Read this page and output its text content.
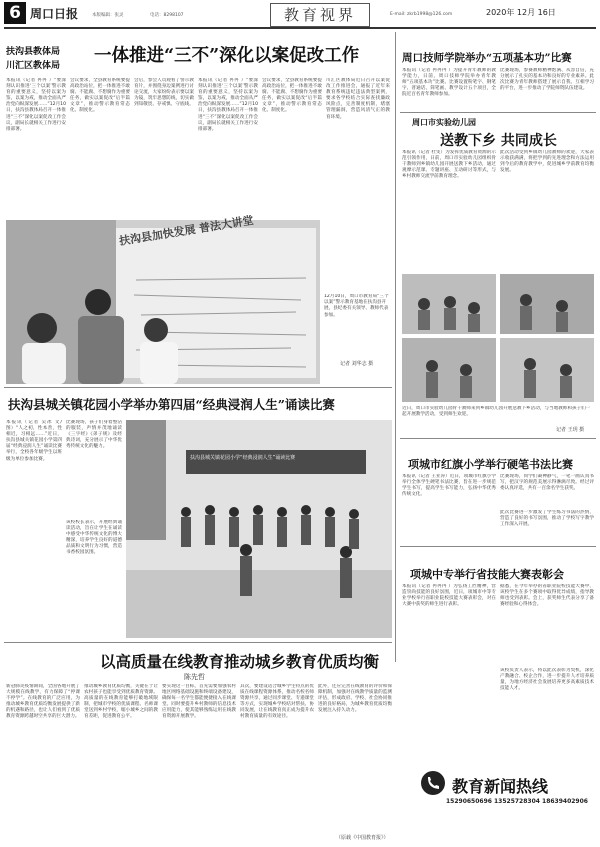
6 周口日报	本版编辑：张灵	电话：8298107	教育视界	E-mail: zkrb1998@126.com	2020年 12月 16日
扶沟县教体局
川汇区教体局 一体推进“三不”深化以案促改工作
本报讯（记者 冉冉 ）“要深刻认识推进‘三个以案’警示教育的重要意义，坚持以案为鉴、以案为戒，推动全面从严治党向纵深发展……”12月10日，扶沟县教体局召开一体推进“三不”深化以案促改工作会议，副局长就相关工作进行安排部署。
会议要求，全县教育系统要提高政治站位，把一体推进不敢腐、不能腐、不想腐作为重要任务，做实以案促改“后半篇文章”，推动警示教育常态化、制度化。
会后，参会人员观看了警示教育片，并围绕身边案例进行讨论交流，大家纷纷表示要以案为镜，筑牢思想防线，切实做到知敬畏、存戒惧、守底线。
本报讯（记者 冉冉 ）“要深刻认识推进‘三个以案’警示教育的重要意义，坚持以案为鉴、以案为戒，推动全面从严治党向纵深发展……”12月10日，扶沟县教体局召开一体推进“三不”深化以案促改工作会议，副局长就相关工作进行安排部署。
会议要求，全县教育系统要提高政治站位，把一体推进不敢腐、不能腐、不想腐作为重要任务，做实以案促改“后半篇文章”，推动警示教育常态化、制度化。
川汇区教体局近日召开以案促改工作推进会，通报了近年来教育系统违纪违法典型案例，要求各学校结合实际查找廉政风险点，完善制度机制，堵塞管理漏洞，营造风清气正的教育环境。
扶沟县加快发展 普法大讲堂
12月10日，周口市教育局“三个以案”警示教育基地在扶沟县开展，县纪委有关领导、教师代表参加。
记者 刘华志 摄
扶沟县城关镇花园小学举办第四届“经典浸润人生”诵读比赛
本报讯（记者 吴冰 文/图）“人之初，性本善，性相近，习相远……”近日，扶沟县城关镇花园小学第四届“经典浸润人生”诵读比赛举行，全校各年级学生以班级为单位参加比赛。
比赛现场，孩子们身着整洁的服装，声情并茂地诵读《三字经》《弟子规》及经典诗词，充分展示了中华优秀传统文化的魅力。
该校校长表示，开展经典诵读活动，旨在让学生在诵读中感受中华传统文化的博大精深，培养学生良好的道德品质和文明行为习惯，营造书香校园氛围。
扶沟县城关镇花园小学“经典浸润人生”诵读比赛
以高质量在线教育推动城乡教育优质均衡
陈先哲
新冠肺炎疫情期间，全国各地开展了大规模在线教学，有力保障了“停课不停学”。在线教育的广泛应用，为推动城乡教育优质均衡发展提供了新的机遇和路径，也让人们看到了优质教育资源跨越时空共享的巨大潜力。
推动城乡教育优质均衡，关键在于让农村孩子也能享受到优质教育资源。高质量的在线教育能够打破地域限制，把城市学校的优质课程、名师课堂送到乡村学校，缩小城乡之间的教育差距，促进教育公平。
要实现这一目标，首先需要加强农村地区网络基础设施和终端设备建设，确保每一名学生都能便捷接入在线课堂。同时要提升乡村教师的信息技术应用能力，使其能够熟练运用在线教育资源开展教学。
其次，要建设适合城乡学生特点的优质在线课程资源体系，推动名校名师资源共享，通过同步课堂、专递课堂等方式，实现城乡学校结对帮扶、协同发展，让在线教育真正成为提升农村教育质量的有效途径。
此外，还应完善在线教育的评价和保障机制，加强对在线教学质量的监测评估，形成政府、学校、社会协同推进的良好格局，为城乡教育优质均衡发展注入持久动力。
（原载《中国教育报》）
周口技师学院举办“五项基本功”比赛
本报讯（记者 冉冉冉 ）为提升青年教师的教学能力，日前，周口技师学院举办青年教师“五项基本功”比赛。比赛设置粉笔字、钢笔字、普通话、简笔画、教学设计五个项目，全院近百名青年教师参加。
比赛现场，参赛教师精神饱满、从容自信，充分展示了扎实的基本功和良好的专业素养。此次比赛为青年教师搭建了展示自我、互相学习的平台，进一步推动了学院师资队伍建设。
周口市实验幼儿园
送教下乡 共同成长
本报讯（记者 杜雯）为发挥优质教育资源的示范引领作用，日前，周口市实验幼儿园组织骨干教师到乡镇幼儿园开展送教下乡活动，通过观摩示范课、专题讲座、互动研讨等形式，与乡村教师交流学前教育理念。
此次活动受到乡镇幼儿园教师的欢迎，大家表示收获满满，将把学到的先进理念和方法运用到今后的教育教学中，促进城乡学前教育均衡发展。
近日，周口市实验幼儿园骨干教师来到乡镇幼儿园开展送教下乡活动，与当地教师和孩子们一起开展教学活动，受到师生欢迎。
记者 王玥 摄
项城市红旗小学举行硬笔书法比赛
本报讯（记者 王亚涛）近日，项城市红旗小学举行全体学生硬笔书法比赛，旨在进一步规范学生书写，提高学生书写能力，弘扬中华优秀传统文化。
比赛现场，同学们凝神静气，一笔一画认真书写，把汉字的规范美展示得淋漓尽致。经过评委认真评选，共有一百余名学生获奖。
此次比赛进一步激发了学生练习书法的热情，营造了良好的书写氛围，推动了学校写字教学工作深入开展。
项城中专举行省技能大赛表彰会
本报讯（记者 冉冉冉 ）为弘扬工匠精神，营造崇尚技能的良好氛围，近日，项城市中等专业学校举行省职业院校技能大赛表彰会，对在大赛中获奖的师生进行表彰。
据悉，在今年举办的省职业院校技能大赛中，该校学生在多个赛项中取得优异成绩，指导教师也受到表彰。会上，获奖师生代表分享了备赛经验和心得体会。
该校负责人表示，将以此次表彰为契机，深化产教融合、校企合作，进一步提升人才培养质量，为地方经济社会发展培养更多高素质技术技能人才。
教育新闻热线
15290650696 13525728304 18639402906
